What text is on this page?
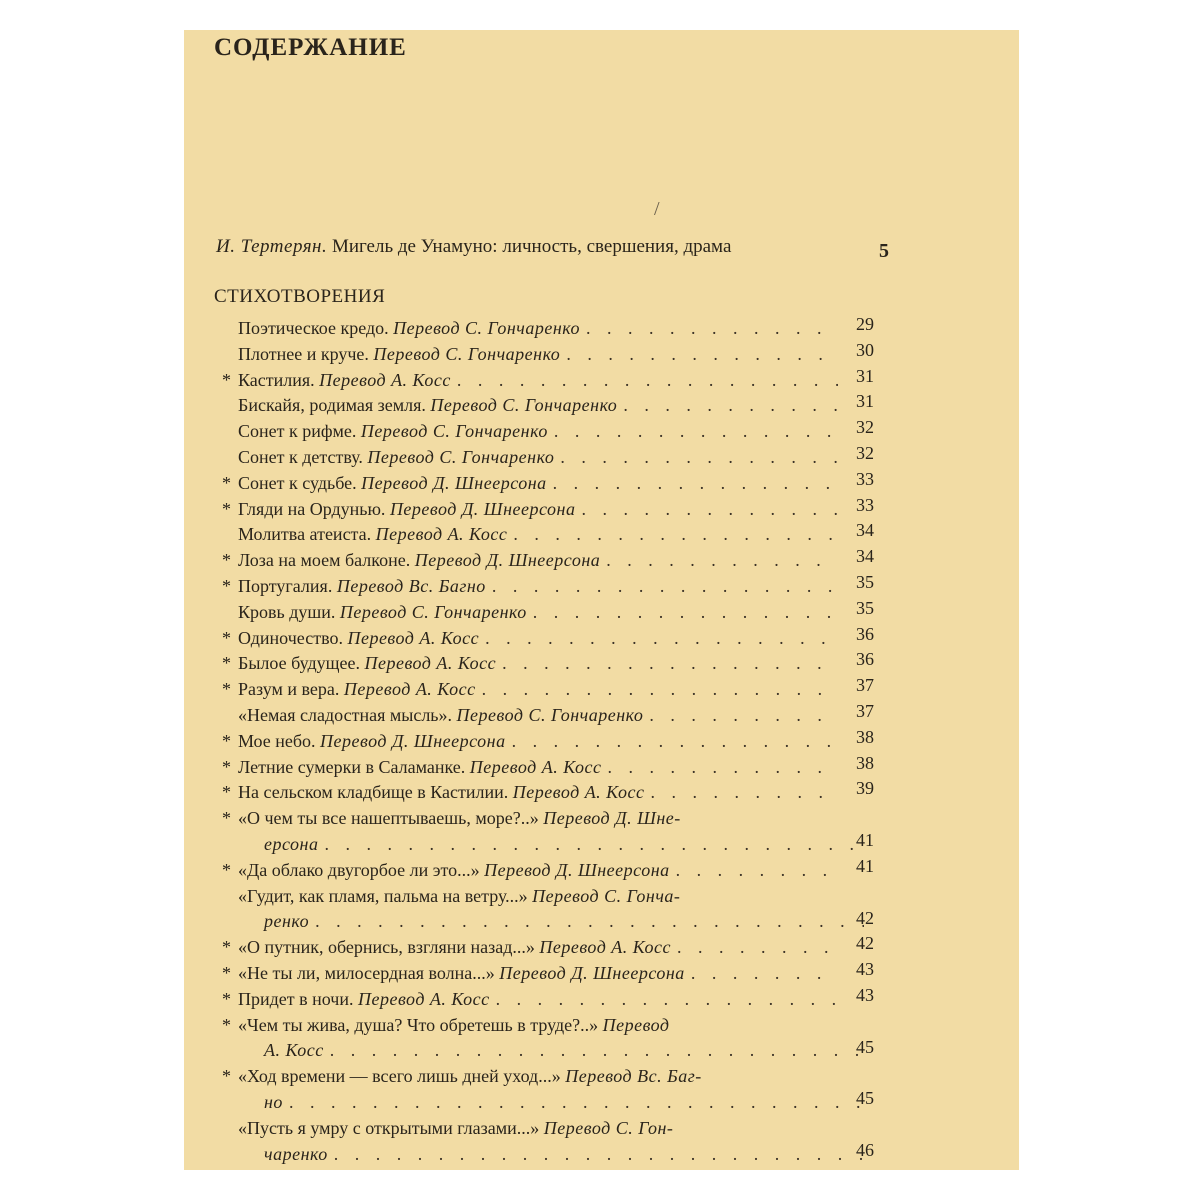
СОДЕРЖАНИЕ
/
И. Тертерян. Мигель де Унамуно: личность, свершения, драма	5
СТИХОТВОРЕНИЯ
Поэтическое кредо. Перевод С. Гончаренко . . .	29
Плотнее и круче. Перевод С. Гончаренко . . .	30
* Кастилия. Перевод А. Косс . . .	31
Бискайя, родимая земля. Перевод С. Гончаренко . . .	31
Сонет к рифме. Перевод С. Гончаренко . . .	32
Сонет к детству. Перевод С. Гончаренко . . .	32
* Сонет к судьбе. Перевод Д. Шнеерсона . . .	33
* Гляди на Ордунью. Перевод Д. Шнеерсона . . .	33
Молитва атеиста. Перевод А. Косс . . .	34
* Лоза на моем балконе. Перевод Д. Шнеерсона . . .	34
* Португалия. Перевод Вс. Багно . . .	35
Кровь души. Перевод С. Гончаренко . . .	35
* Одиночество. Перевод А. Косс . . .	36
* Былое будущее. Перевод А. Косс . . .	36
* Разум и вера. Перевод А. Косс . . .	37
«Немая сладостная мысль». Перевод С. Гончаренко . . .	37
* Мое небо. Перевод Д. Шнеерсона . . .	38
* Летние сумерки в Саламанке. Перевод А. Косс . . .	38
* На сельском кладбище в Кастилии. Перевод А. Косс . . .	39
* «О чем ты все нашептываешь, море?..» Перевод Д. Шне-
ерсона . . .	41
* «Да облако двугорбое ли это...» Перевод Д. Шнеерсона . . .	41
«Гудит, как пламя, пальма на ветру...» Перевод С. Гонча-
ренко . . .	42
* «О путник, обернись, взгляни назад...» Перевод А. Косс . . .	42
* «Не ты ли, милосердная волна...» Перевод Д. Шнеерсона . . .	43
* Придет в ночи. Перевод А. Косс . . .	43
* «Чем ты жива, душа? Что обретешь в труде?..» Перевод
А. Косс . . .	45
* «Ход времени — всего лишь дней уход...» Перевод Вс. Баг-
но . . .	45
«Пусть я умру с открытыми глазами...» Перевод С. Гон-
чаренко . . .	46
